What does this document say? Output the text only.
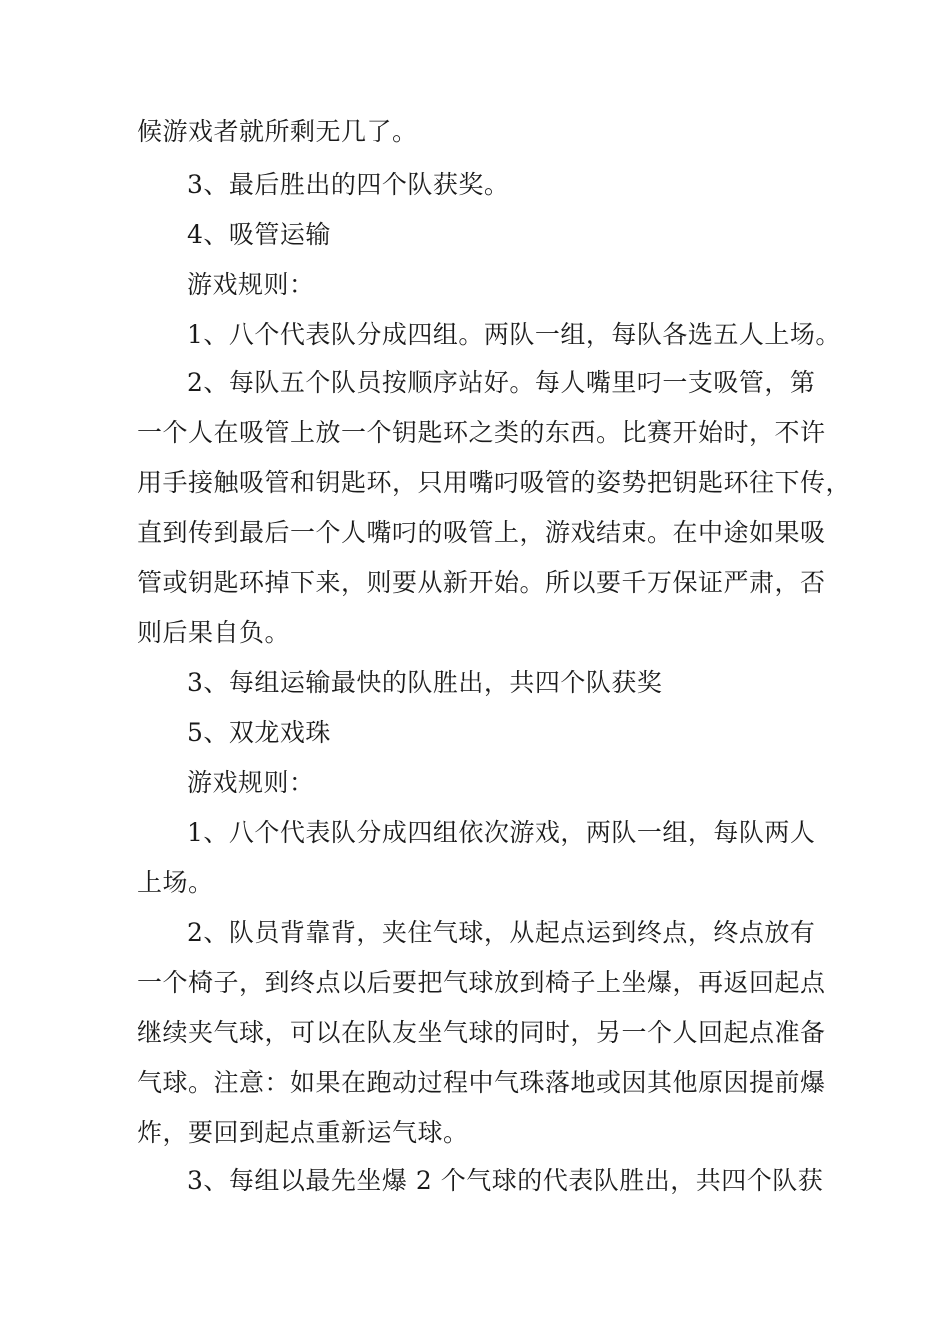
候游戏者就所剩无几了。
3、最后胜出的四个队获奖。
4、吸管运输
游戏规则：
1、八个代表队分成四组。两队一组，每队各选五人上场。
2、每队五个队员按顺序站好。每人嘴里叼一支吸管，第
一个人在吸管上放一个钥匙环之类的东西。比赛开始时，不许
用手接触吸管和钥匙环，只用嘴叼吸管的姿势把钥匙环往下传，
直到传到最后一个人嘴叼的吸管上，游戏结束。在中途如果吸
管或钥匙环掉下来，则要从新开始。所以要千万保证严肃，否
则后果自负。
3、每组运输最快的队胜出，共四个队获奖
5、双龙戏珠
游戏规则：
1、八个代表队分成四组依次游戏，两队一组，每队两人
上场。
2、队员背靠背，夹住气球，从起点运到终点，终点放有
一个椅子，到终点以后要把气球放到椅子上坐爆，再返回起点
继续夹气球，可以在队友坐气球的同时，另一个人回起点准备
气球。注意：如果在跑动过程中气珠落地或因其他原因提前爆
炸，要回到起点重新运气球。
3、每组以最先坐爆 2 个气球的代表队胜出，共四个队获
